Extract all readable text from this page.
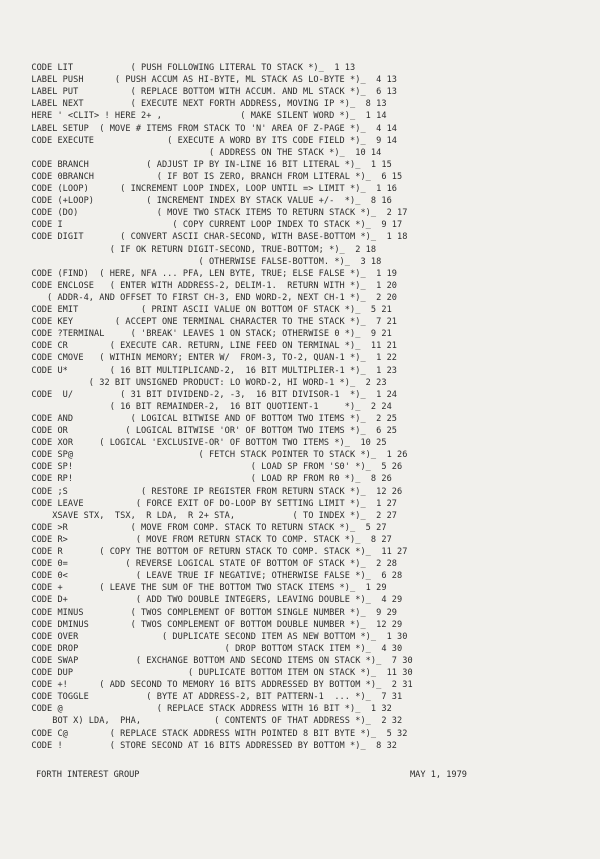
CODE LIT           ( PUSH FOLLOWING LITERAL TO STACK *)_  1 13
LABEL PUSH      ( PUSH ACCUM AS HI-BYTE, ML STACK AS LO-BYTE *)_  4 13
LABEL PUT          ( REPLACE BOTTOM WITH ACCUM. AND ML STACK *)_  6 13
LABEL NEXT         ( EXECUTE NEXT FORTH ADDRESS, MOVING IP *)_  8 13
HERE ' <CLIT> ! HERE 2+ ,               ( MAKE SILENT WORD *)_  1 14
LABEL SETUP  ( MOVE # ITEMS FROM STACK TO 'N' AREA OF Z-PAGE *)_  4 14
CODE EXECUTE              ( EXECUTE A WORD BY ITS CODE FIELD *)_  9 14
( ADDRESS ON THE STACK *)_  10 14
CODE BRANCH           ( ADJUST IP BY IN-LINE 16 BIT LITERAL *)_  1 15
CODE 0BRANCH            ( IF BOT IS ZERO, BRANCH FROM LITERAL *)_  6 15
CODE (LOOP)      ( INCREMENT LOOP INDEX, LOOP UNTIL => LIMIT *)_  1 16
CODE (+LOOP)          ( INCREMENT INDEX BY STACK VALUE +/-  *)_  8 16
CODE (DO)               ( MOVE TWO STACK ITEMS TO RETURN STACK *)_  2 17
CODE I                     ( COPY CURRENT LOOP INDEX TO STACK *)_  9 17
CODE DIGIT       ( CONVERT ASCII CHAR-SECOND, WITH BASE-BOTTOM *)_  1 18
( IF OK RETURN DIGIT-SECOND, TRUE-BOTTOM; *)_  2 18
( OTHERWISE FALSE-BOTTOM. *)_  3 18
CODE (FIND)  ( HERE, NFA ... PFA, LEN BYTE, TRUE; ELSE FALSE *)_  1 19
CODE ENCLOSE   ( ENTER WITH ADDRESS-2, DELIM-1.  RETURN WITH *)_  1 20
( ADDR-4, AND OFFSET TO FIRST CH-3, END WORD-2, NEXT CH-1 *)_  2 20
CODE EMIT            ( PRINT ASCII VALUE ON BOTTOM OF STACK *)_  5 21
CODE KEY        ( ACCEPT ONE TERMINAL CHARACTER TO THE STACK *)_  7 21
CODE ?TERMINAL     ( 'BREAK' LEAVES 1 ON STACK; OTHERWISE 0 *)_  9 21
CODE CR        ( EXECUTE CAR. RETURN, LINE FEED ON TERMINAL *)_  11 21
CODE CMOVE   ( WITHIN MEMORY; ENTER W/  FROM-3, TO-2, QUAN-1 *)_  1 22
CODE U*        ( 16 BIT MULTIPLICAND-2,  16 BIT MULTIPLIER-1 *)_  1 23
( 32 BIT UNSIGNED PRODUCT: LO WORD-2, HI WORD-1 *)_  2 23
CODE  U/         ( 31 BIT DIVIDEND-2, -3,  16 BIT DIVISOR-1  *)_  1 24
( 16 BIT REMAINDER-2,  16 BIT QUOTIENT-1     *)_  2 24
CODE AND           ( LOGICAL BITWISE AND OF BOTTOM TWO ITEMS *)_  2 25
CODE OR           ( LOGICAL BITWISE 'OR' OF BOTTOM TWO ITEMS *)_  6 25
CODE XOR     ( LOGICAL 'EXCLUSIVE-OR' OF BOTTOM TWO ITEMS *)_  10 25
CODE SP@                        ( FETCH STACK POINTER TO STACK *)_  1 26
CODE SP!                                  ( LOAD SP FROM 'S0' *)_  5 26
CODE RP!                                  ( LOAD RP FROM R0 *)_  8 26
CODE ;S              ( RESTORE IP REGISTER FROM RETURN STACK *)_  12 26
CODE LEAVE          ( FORCE EXIT OF DO-LOOP BY SETTING LIMIT *)_  1 27
XSAVE STX,  TSX,  R LDA,  R 2+ STA,           ( TO INDEX *)_  2 27
CODE >R            ( MOVE FROM COMP. STACK TO RETURN STACK *)_  5 27
CODE R>             ( MOVE FROM RETURN STACK TO COMP. STACK *)_  8 27
CODE R       ( COPY THE BOTTOM OF RETURN STACK TO COMP. STACK *)_  11 27
CODE 0=           ( REVERSE LOGICAL STATE OF BOTTOM OF STACK *)_  2 28
CODE 0<             ( LEAVE TRUE IF NEGATIVE; OTHERWISE FALSE *)_  6 28
CODE +       ( LEAVE THE SUM OF THE BOTTOM TWO STACK ITEMS *)_  1 29
CODE D+             ( ADD TWO DOUBLE INTEGERS, LEAVING DOUBLE *)_  4 29
CODE MINUS         ( TWOS COMPLEMENT OF BOTTOM SINGLE NUMBER *)_  9 29
CODE DMINUS        ( TWOS COMPLEMENT OF BOTTOM DOUBLE NUMBER *)_  12 29
CODE OVER                ( DUPLICATE SECOND ITEM AS NEW BOTTOM *)_  1 30
CODE DROP                            ( DROP BOTTOM STACK ITEM *)_  4 30
CODE SWAP           ( EXCHANGE BOTTOM AND SECOND ITEMS ON STACK *)_  7 30
CODE DUP                      ( DUPLICATE BOTTOM ITEM ON STACK *)_  11 30
CODE +!      ( ADD SECOND TO MEMORY 16 BITS ADDRESSED BY BOTTOM *)_  2 31
CODE TOGGLE           ( BYTE AT ADDRESS-2, BIT PATTERN-1  ... *)_  7 31
CODE @                  ( REPLACE STACK ADDRESS WITH 16 BIT *)_  1 32
BOT X) LDA,  PHA,              ( CONTENTS OF THAT ADDRESS *)_  2 32
CODE C@        ( REPLACE STACK ADDRESS WITH POINTED 8 BIT BYTE *)_  5 32
CODE !         ( STORE SECOND AT 16 BITS ADDRESSED BY BOTTOM *)_  8 32
FORTH INTEREST GROUP	MAY 1, 1979
